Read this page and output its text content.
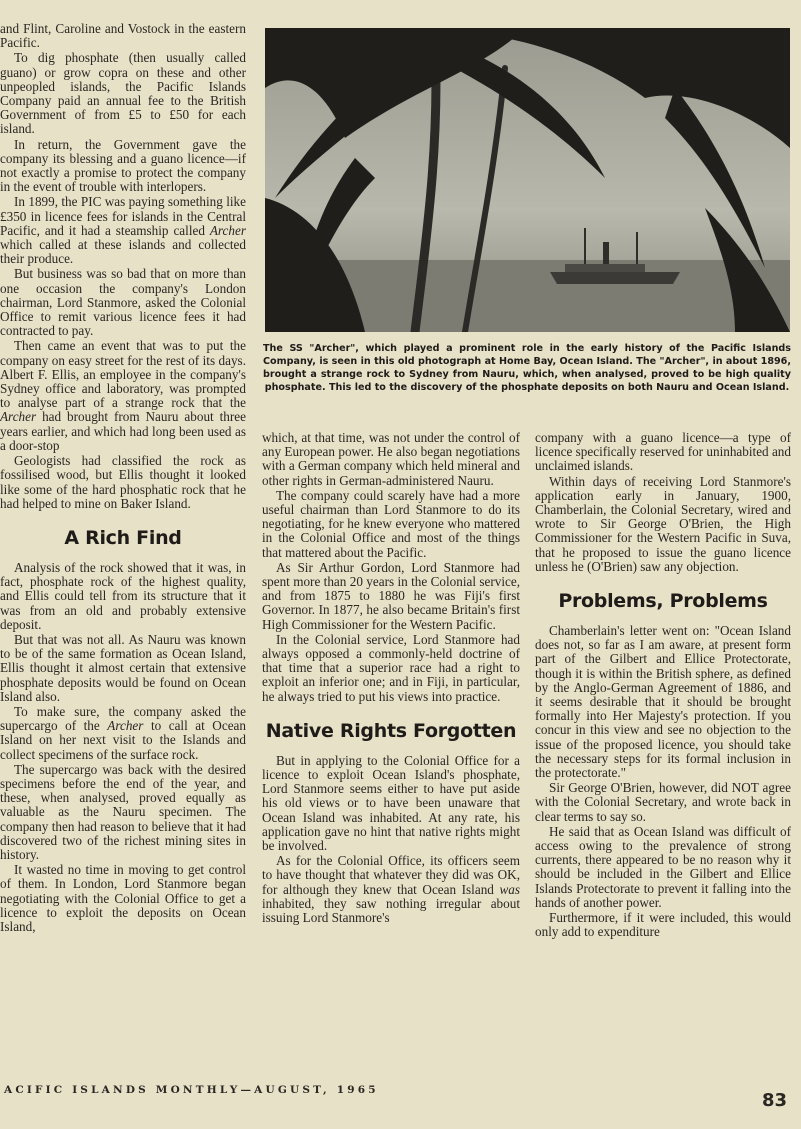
and Flint, Caroline and Vostock in the eastern Pacific.

To dig phosphate (then usually called guano) or grow copra on these and other unpeopled islands, the Pacific Islands Company paid an annual fee to the British Government of from £5 to £50 for each island.

In return, the Government gave the company its blessing and a guano licence—if not exactly a promise to protect the company in the event of trouble with interlopers.

In 1899, the PIC was paying something like £350 in licence fees for islands in the Central Pacific, and it had a steamship called Archer which called at these islands and collected their produce.

But business was so bad that on more than one occasion the company's London chairman, Lord Stanmore, asked the Colonial Office to remit various licence fees it had contracted to pay.

Then came an event that was to put the company on easy street for the rest of its days. Albert F. Ellis, an employee in the company's Sydney office and laboratory, was prompted to analyse part of a strange rock that the Archer had brought from Nauru about three years earlier, and which had long been used as a door-stop

Geologists had classified the rock as fossilised wood, but Ellis thought it looked like some of the hard phosphatic rock that he had helped to mine on Baker Island.

A Rich Find

Analysis of the rock showed that it was, in fact, phosphate rock of the highest quality, and Ellis could tell from its structure that it was from an old and probably extensive deposit.

But that was not all. As Nauru was known to be of the same formation as Ocean Island, Ellis thought it almost certain that extensive phosphate deposits would be found on Ocean Island also.

To make sure, the company asked the supercargo of the Archer to call at Ocean Island on her next visit to the Islands and collect specimens of the surface rock.

The supercargo was back with the desired specimens before the end of the year, and these, when analysed, proved equally as valuable as the Nauru specimen. The company then had reason to believe that it had discovered two of the richest mining sites in history.

It wasted no time in moving to get control of them. In London, Lord Stanmore began negotiating with the Colonial Office to get a licence to exploit the deposits on Ocean Island,

The SS "Archer", which played a prominent role in the early history of the Pacific Islands Company, is seen in this old photograph at Home Bay, Ocean Island. The "Archer", in about 1896, brought a strange rock to Sydney from Nauru, which, when analysed, proved to be high quality phosphate. This led to the discovery of the phosphate deposits on both Nauru and Ocean Island.

which, at that time, was not under the control of any European power. He also began negotiations with a German company which held mineral and other rights in German-administered Nauru.

The company could scarely have had a more useful chairman than Lord Stanmore to do its negotiating, for he knew everyone who mattered in the Colonial Office and most of the things that mattered about the Pacific.

As Sir Arthur Gordon, Lord Stanmore had spent more than 20 years in the Colonial service, and from 1875 to 1880 he was Fiji's first Governor. In 1877, he also became Britain's first High Commissioner for the Western Pacific.

In the Colonial service, Lord Stanmore had always opposed a commonly-held doctrine of that time that a superior race had a right to exploit an inferior one; and in Fiji, in particular, he always tried to put his views into practice.

Native Rights Forgotten

But in applying to the Colonial Office for a licence to exploit Ocean Island's phosphate, Lord Stanmore seems either to have put aside his old views or to have been unaware that Ocean Island was inhabited. At any rate, his application gave no hint that native rights might be involved.

As for the Colonial Office, its officers seem to have thought that whatever they did was OK, for although they knew that Ocean Island was inhabited, they saw nothing irregular about issuing Lord Stanmore's

company with a guano licence—a type of licence specifically reserved for uninhabited and unclaimed islands.

Within days of receiving Lord Stanmore's application early in January, 1900, Chamberlain, the Colonial Secretary, wired and wrote to Sir George O'Brien, the High Commissioner for the Western Pacific in Suva, that he proposed to issue the guano licence unless he (O'Brien) saw any objection.

Problems, Problems

Chamberlain's letter went on: "Ocean Island does not, so far as I am aware, at present form part of the Gilbert and Ellice Protectorate, though it is within the British sphere, as defined by the Anglo-German Agreement of 1886, and it seems desirable that it should be brought formally into Her Majesty's protection. If you concur in this view and see no objection to the issue of the proposed licence, you should take the necessary steps for its formal inclusion in the protectorate."

Sir George O'Brien, however, did NOT agree with the Colonial Secretary, and wrote back in clear terms to say so.

He said that as Ocean Island was difficult of access owing to the prevalence of strong currents, there appeared to be no reason why it should be included in the Gilbert and Ellice Islands Protectorate to prevent it falling into the hands of another power.

Furthermore, if it were included, this would only add to expenditure

ACIFIC ISLANDS MONTHLY—AUGUST, 1965	83
